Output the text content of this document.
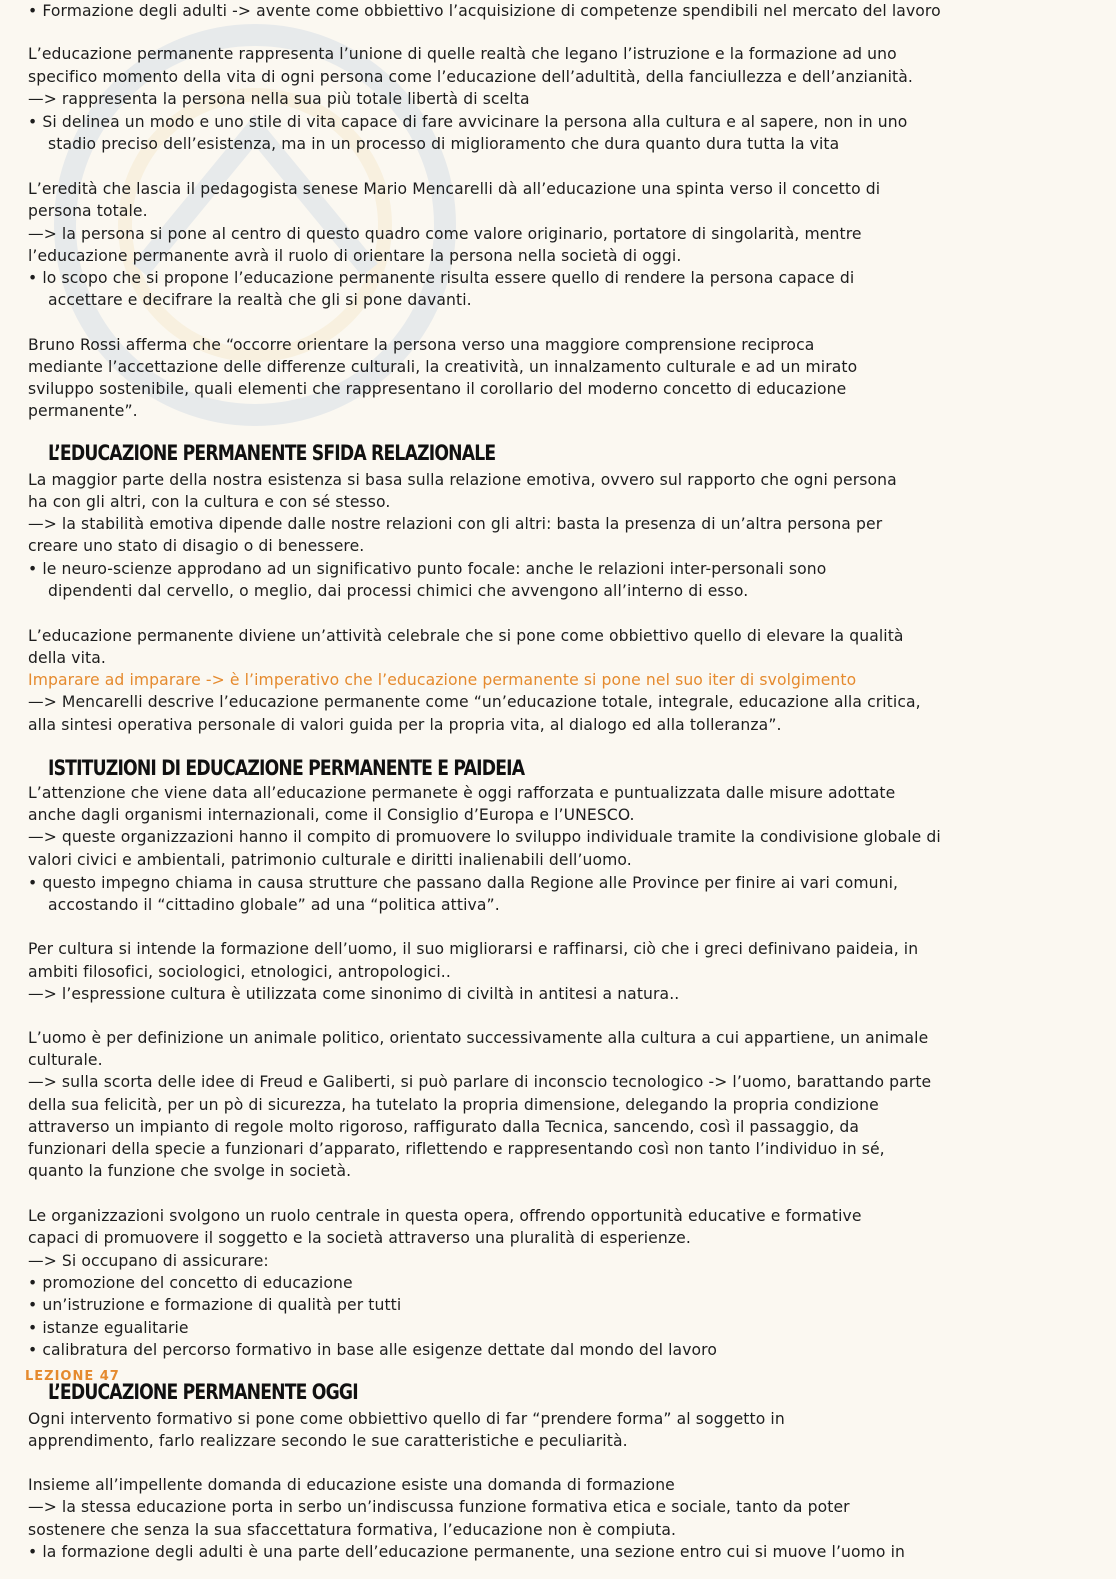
• Formazione degli adulti -> avente come obbiettivo l’acquisizione di competenze spendibili nel mercato del lavoro
L’educazione permanente rappresenta l’unione di quelle realtà che legano l’istruzione e la formazione ad uno
specifico momento della vita di ogni persona come l’educazione dell’adultità, della fanciullezza e dell’anzianità.
—> rappresenta la persona nella sua più totale libertà di scelta
• Si delinea un modo e uno stile di vita capace di fare avvicinare la persona alla cultura e al sapere, non in uno
stadio preciso dell’esistenza, ma in un processo di miglioramento che dura quanto dura tutta la vita
L’eredità che lascia il pedagogista senese Mario Mencarelli dà all’educazione una spinta verso il concetto di
persona totale.
—> la persona si pone al centro di questo quadro come valore originario, portatore di singolarità, mentre
l’educazione permanente avrà il ruolo di orientare la persona nella società di oggi.
• lo scopo che si propone l’educazione permanente risulta essere quello di rendere la persona capace di
accettare e decifrare la realtà che gli si pone davanti.
Bruno Rossi afferma che “occorre orientare la persona verso una maggiore comprensione reciproca
mediante l’accettazione delle differenze culturali, la creatività, un innalzamento culturale e ad un mirato
sviluppo sostenibile, quali elementi che rappresentano il corollario del moderno concetto di educazione
permanente”.
L’EDUCAZIONE PERMANENTE SFIDA RELAZIONALE
La maggior parte della nostra esistenza si basa sulla relazione emotiva, ovvero sul rapporto che ogni persona
ha con gli altri, con la cultura e con sé stesso.
—> la stabilità emotiva dipende dalle nostre relazioni con gli altri: basta la presenza di un’altra persona per
creare uno stato di disagio o di benessere.
• le neuro-scienze approdano ad un significativo punto focale: anche le relazioni inter-personali sono
dipendenti dal cervello, o meglio, dai processi chimici che avvengono all’interno di esso.
L’educazione permanente diviene un’attività celebrale che si pone come obbiettivo quello di elevare la qualità
della vita.
Imparare ad imparare -> è l’imperativo che l’educazione permanente si pone nel suo iter di svolgimento
—> Mencarelli descrive l’educazione permanente come “un’educazione totale, integrale, educazione alla critica,
alla sintesi operativa personale di valori guida per la propria vita, al dialogo ed alla tolleranza”.
ISTITUZIONI DI EDUCAZIONE PERMANENTE E PAIDEIA
L’attenzione che viene data all’educazione permanete è oggi rafforzata e puntualizzata dalle misure adottate
anche dagli organismi internazionali, come il Consiglio d’Europa e l’UNESCO.
—> queste organizzazioni hanno il compito di promuovere lo sviluppo individuale tramite la condivisione globale di
valori civici e ambientali, patrimonio culturale e diritti inalienabili dell’uomo.
• questo impegno chiama in causa strutture che passano dalla Regione alle Province per finire ai vari comuni,
accostando il “cittadino globale” ad una “politica attiva”.
Per cultura si intende la formazione dell’uomo, il suo migliorarsi e raffinarsi, ciò che i greci definivano paideia, in
ambiti filosofici, sociologici, etnologici, antropologici..
—> l’espressione cultura è utilizzata come sinonimo di civiltà in antitesi a natura..
L’uomo è per definizione un animale politico, orientato successivamente alla cultura a cui appartiene, un animale
culturale.
—> sulla scorta delle idee di Freud e Galiberti, si può parlare di inconscio tecnologico -> l’uomo, barattando parte
della sua felicità, per un pò di sicurezza, ha tutelato la propria dimensione, delegando la propria condizione
attraverso un impianto di regole molto rigoroso, raffigurato dalla Tecnica, sancendo, così il passaggio, da
funzionari della specie a funzionari d’apparato, riflettendo e rappresentando così non tanto l’individuo in sé,
quanto la funzione che svolge in società.
Le organizzazioni svolgono un ruolo centrale in questa opera, offrendo opportunità educative e formative
capaci di promuovere il soggetto e la società attraverso una pluralità di esperienze.
—> Si occupano di assicurare:
• promozione del concetto di educazione
• un’istruzione e formazione di qualità per tutti
• istanze egualitarie
• calibratura del percorso formativo in base alle esigenze dettate dal mondo del lavoro
LEZIONE 47
L’EDUCAZIONE PERMANENTE OGGI
Ogni intervento formativo si pone come obbiettivo quello di far “prendere forma” al soggetto in
apprendimento, farlo realizzare secondo le sue caratteristiche e peculiarità.
Insieme all’impellente domanda di educazione esiste una domanda di formazione
—> la stessa educazione porta in serbo un’indiscussa funzione formativa etica e sociale, tanto da poter
sostenere che senza la sua sfaccettatura formativa, l’educazione non è compiuta.
• la formazione degli adulti è una parte dell’educazione permanente, una sezione entro cui si muove l’uomo in
